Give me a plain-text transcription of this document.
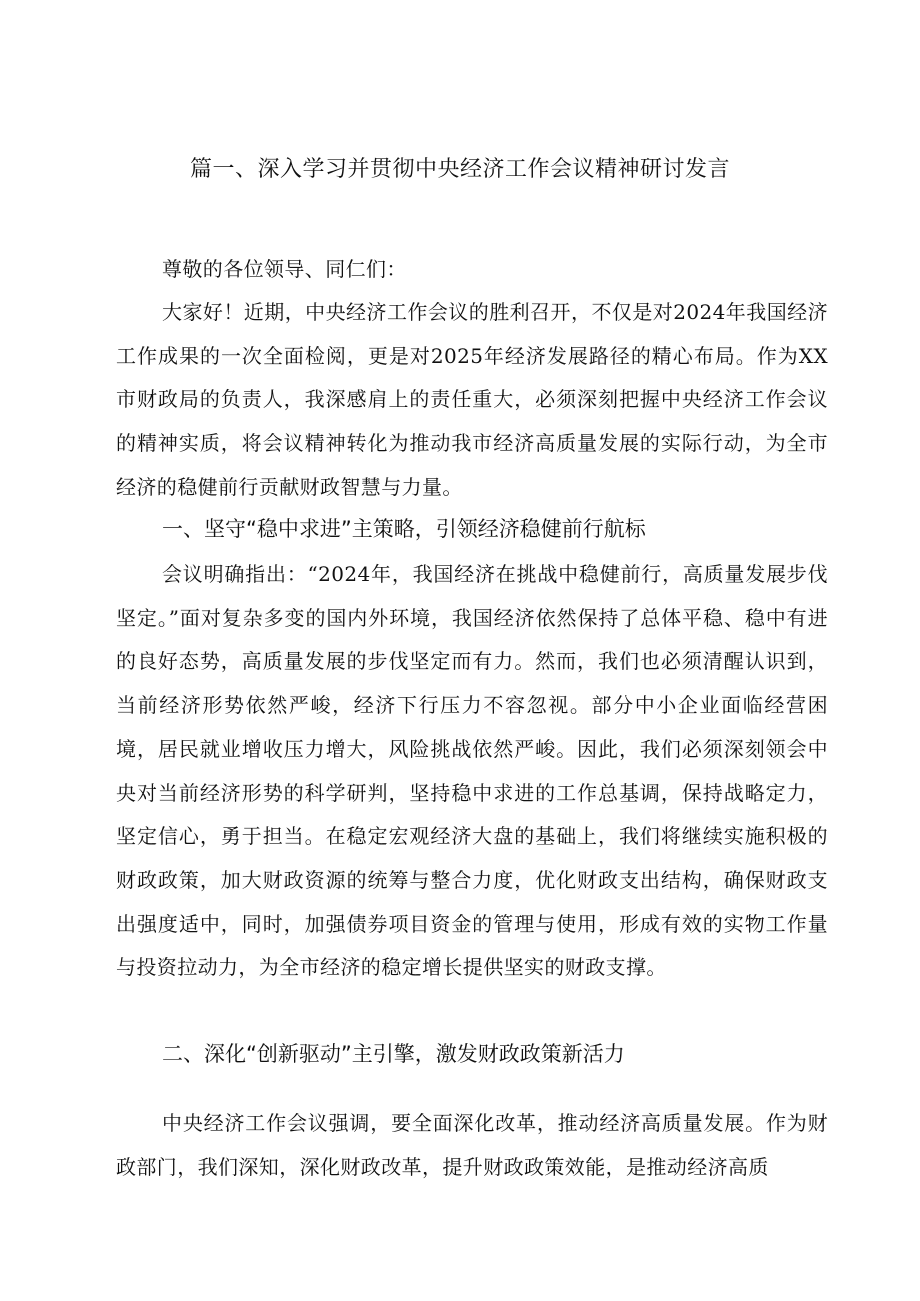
篇一、深入学习并贯彻中央经济工作会议精神研讨发言

尊敬的各位领导、同仁们：

大家好！近期，中央经济工作会议的胜利召开，不仅是对2024年我国经济工作成果的一次全面检阅，更是对2025年经济发展路径的精心布局。作为XX市财政局的负责人，我深感肩上的责任重大，必须深刻把握中央经济工作会议的精神实质，将会议精神转化为推动我市经济高质量发展的实际行动，为全市经济的稳健前行贡献财政智慧与力量。

一、坚守“稳中求进”主策略，引领经济稳健前行航标

会议明确指出：“2024年，我国经济在挑战中稳健前行，高质量发展步伐坚定。”面对复杂多变的国内外环境，我国经济依然保持了总体平稳、稳中有进的良好态势，高质量发展的步伐坚定而有力。然而，我们也必须清醒认识到，当前经济形势依然严峻，经济下行压力不容忽视。部分中小企业面临经营困境，居民就业增收压力增大，风险挑战依然严峻。因此，我们必须深刻领会中央对当前经济形势的科学研判，坚持稳中求进的工作总基调，保持战略定力，坚定信心，勇于担当。在稳定宏观经济大盘的基础上，我们将继续实施积极的财政政策，加大财政资源的统筹与整合力度，优化财政支出结构，确保财政支出强度适中，同时，加强债券项目资金的管理与使用，形成有效的实物工作量与投资拉动力，为全市经济的稳定增长提供坚实的财政支撑。

二、深化“创新驱动”主引擎，激发财政政策新活力

中央经济工作会议强调，要全面深化改革，推动经济高质量发展。作为财政部门，我们深知，深化财政改革，提升财政政策效能，是推动经济高质
